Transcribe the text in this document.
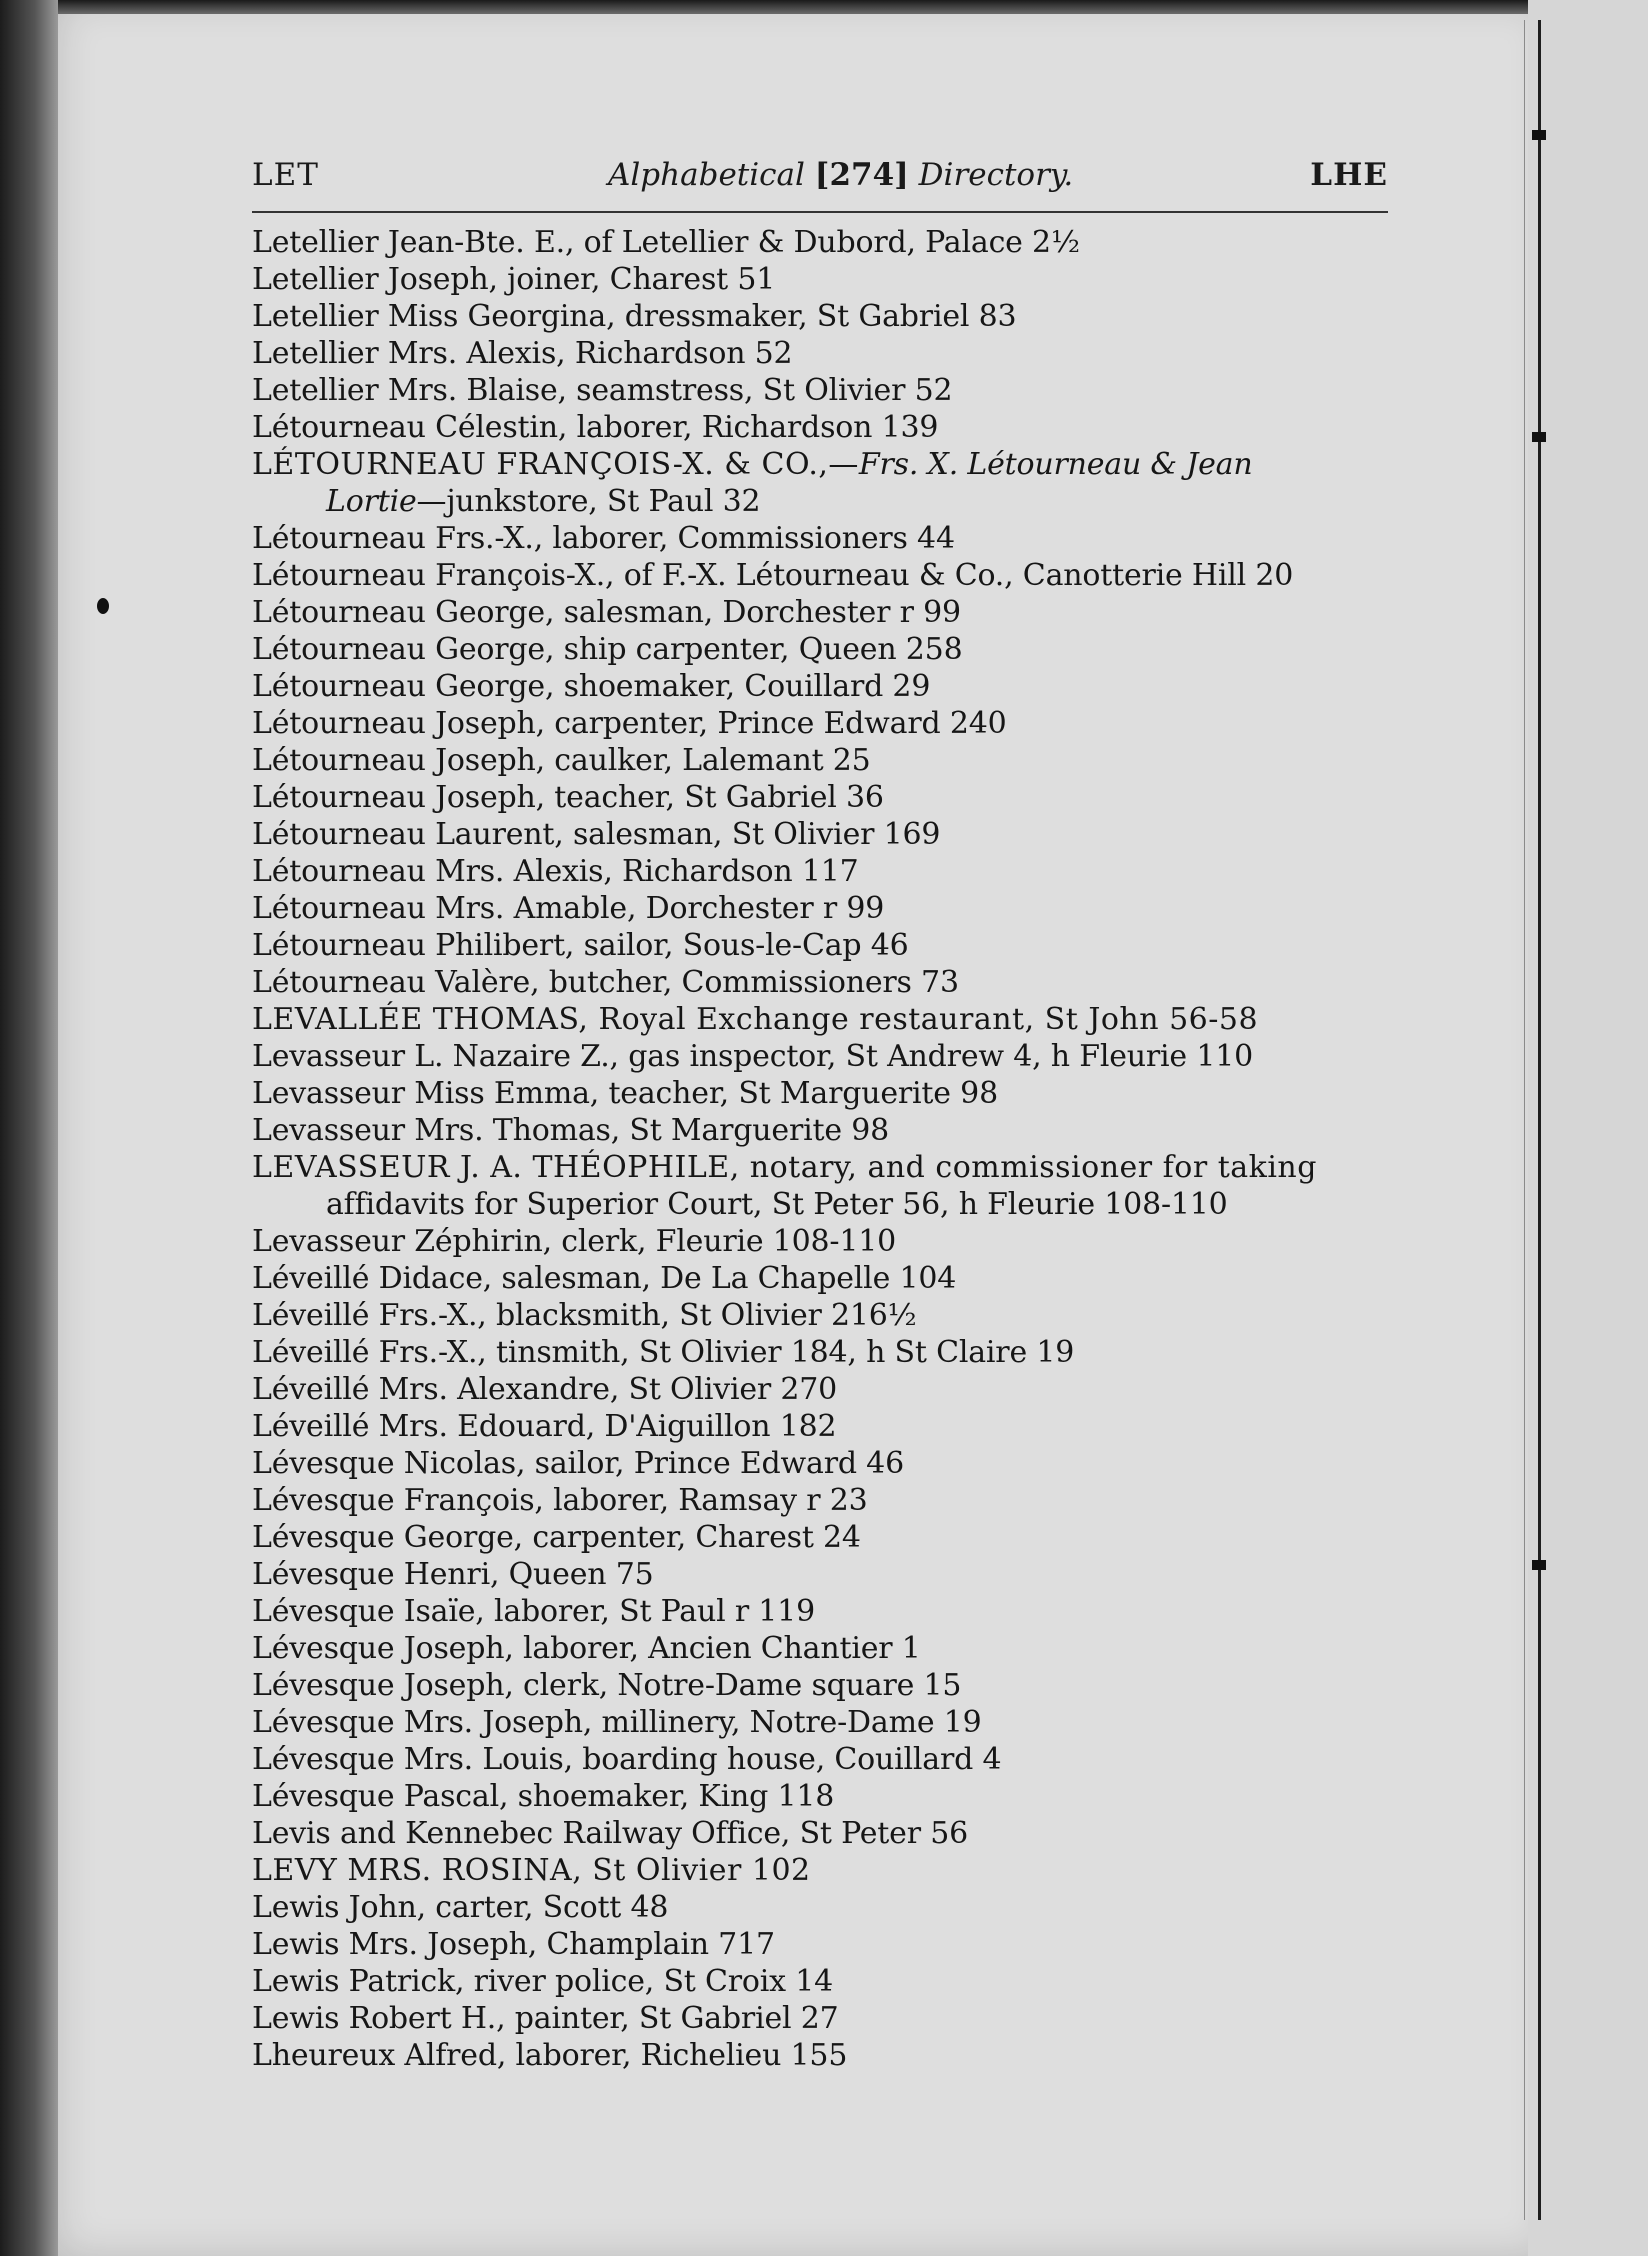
LET	Alphabetical [274] Directory.	LHE
Letellier Jean-Bte. E., of Letellier & Dubord, Palace 2½
Letellier Joseph, joiner, Charest 51
Letellier Miss Georgina, dressmaker, St Gabriel 83
Letellier Mrs. Alexis, Richardson 52
Letellier Mrs. Blaise, seamstress, St Olivier 52
Létourneau Célestin, laborer, Richardson 139
LÉTOURNEAU FRANÇOIS-X. & CO.,—Frs. X. Létourneau & Jean
Lortie—junkstore, St Paul 32
Létourneau Frs.-X., laborer, Commissioners 44
Létourneau François-X., of F.-X. Létourneau & Co., Canotterie Hill 20
Létourneau George, salesman, Dorchester r 99
Létourneau George, ship carpenter, Queen 258
Létourneau George, shoemaker, Couillard 29
Létourneau Joseph, carpenter, Prince Edward 240
Létourneau Joseph, caulker, Lalemant 25
Létourneau Joseph, teacher, St Gabriel 36
Létourneau Laurent, salesman, St Olivier 169
Létourneau Mrs. Alexis, Richardson 117
Létourneau Mrs. Amable, Dorchester r 99
Létourneau Philibert, sailor, Sous-le-Cap 46
Létourneau Valère, butcher, Commissioners 73
LEVALLÉE THOMAS, Royal Exchange restaurant, St John 56-58
Levasseur L. Nazaire Z., gas inspector, St Andrew 4, h Fleurie 110
Levasseur Miss Emma, teacher, St Marguerite 98
Levasseur Mrs. Thomas, St Marguerite 98
LEVASSEUR J. A. THÉOPHILE, notary, and commissioner for taking
affidavits for Superior Court, St Peter 56, h Fleurie 108-110
Levasseur Zéphirin, clerk, Fleurie 108-110
Léveillé Didace, salesman, De La Chapelle 104
Léveillé Frs.-X., blacksmith, St Olivier 216½
Léveillé Frs.-X., tinsmith, St Olivier 184, h St Claire 19
Léveillé Mrs. Alexandre, St Olivier 270
Léveillé Mrs. Edouard, D'Aiguillon 182
Lévesque Nicolas, sailor, Prince Edward 46
Lévesque François, laborer, Ramsay r 23
Lévesque George, carpenter, Charest 24
Lévesque Henri, Queen 75
Lévesque Isaïe, laborer, St Paul r 119
Lévesque Joseph, laborer, Ancien Chantier 1
Lévesque Joseph, clerk, Notre-Dame square 15
Lévesque Mrs. Joseph, millinery, Notre-Dame 19
Lévesque Mrs. Louis, boarding house, Couillard 4
Lévesque Pascal, shoemaker, King 118
Levis and Kennebec Railway Office, St Peter 56
LEVY MRS. ROSINA, St Olivier 102
Lewis John, carter, Scott 48
Lewis Mrs. Joseph, Champlain 717
Lewis Patrick, river police, St Croix 14
Lewis Robert H., painter, St Gabriel 27
Lheureux Alfred, laborer, Richelieu 155
